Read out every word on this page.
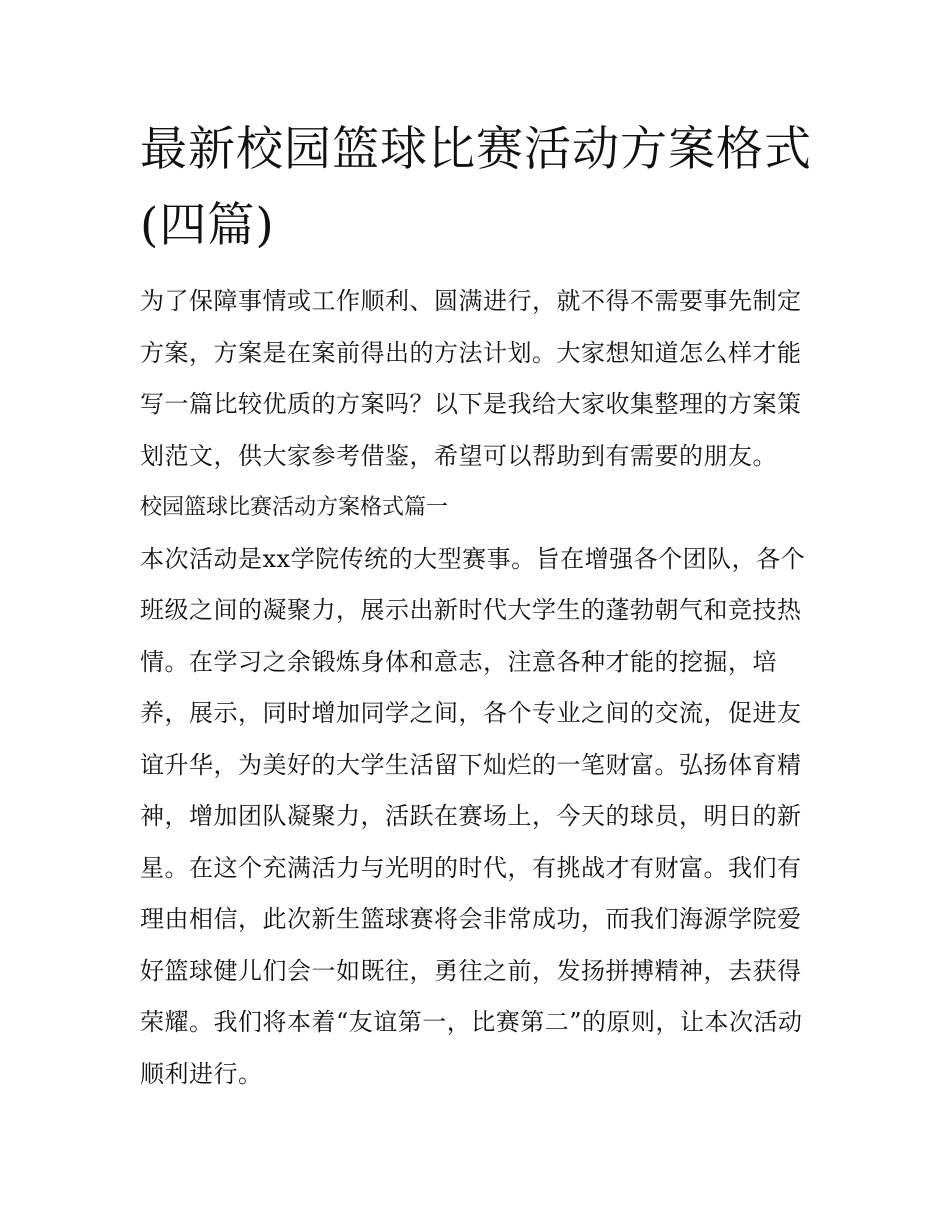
最新校园篮球比赛活动方案格式(四篇)

为了保障事情或工作顺利、圆满进行，就不得不需要事先制定方案，方案是在案前得出的方法计划。大家想知道怎么样才能写一篇比较优质的方案吗？以下是我给大家收集整理的方案策划范文，供大家参考借鉴，希望可以帮助到有需要的朋友。

校园篮球比赛活动方案格式篇一

本次活动是xx学院传统的大型赛事。旨在增强各个团队，各个班级之间的凝聚力，展示出新时代大学生的蓬勃朝气和竞技热情。在学习之余锻炼身体和意志，注意各种才能的挖掘，培养，展示，同时增加同学之间，各个专业之间的交流，促进友谊升华，为美好的大学生活留下灿烂的一笔财富。弘扬体育精神，增加团队凝聚力，活跃在赛场上，今天的球员，明日的新星。在这个充满活力与光明的时代，有挑战才有财富。我们有理由相信，此次新生篮球赛将会非常成功，而我们海源学院爱好篮球健儿们会一如既往，勇往之前，发扬拼搏精神，去获得荣耀。我们将本着“友谊第一，比赛第二”的原则，让本次活动顺利进行。
